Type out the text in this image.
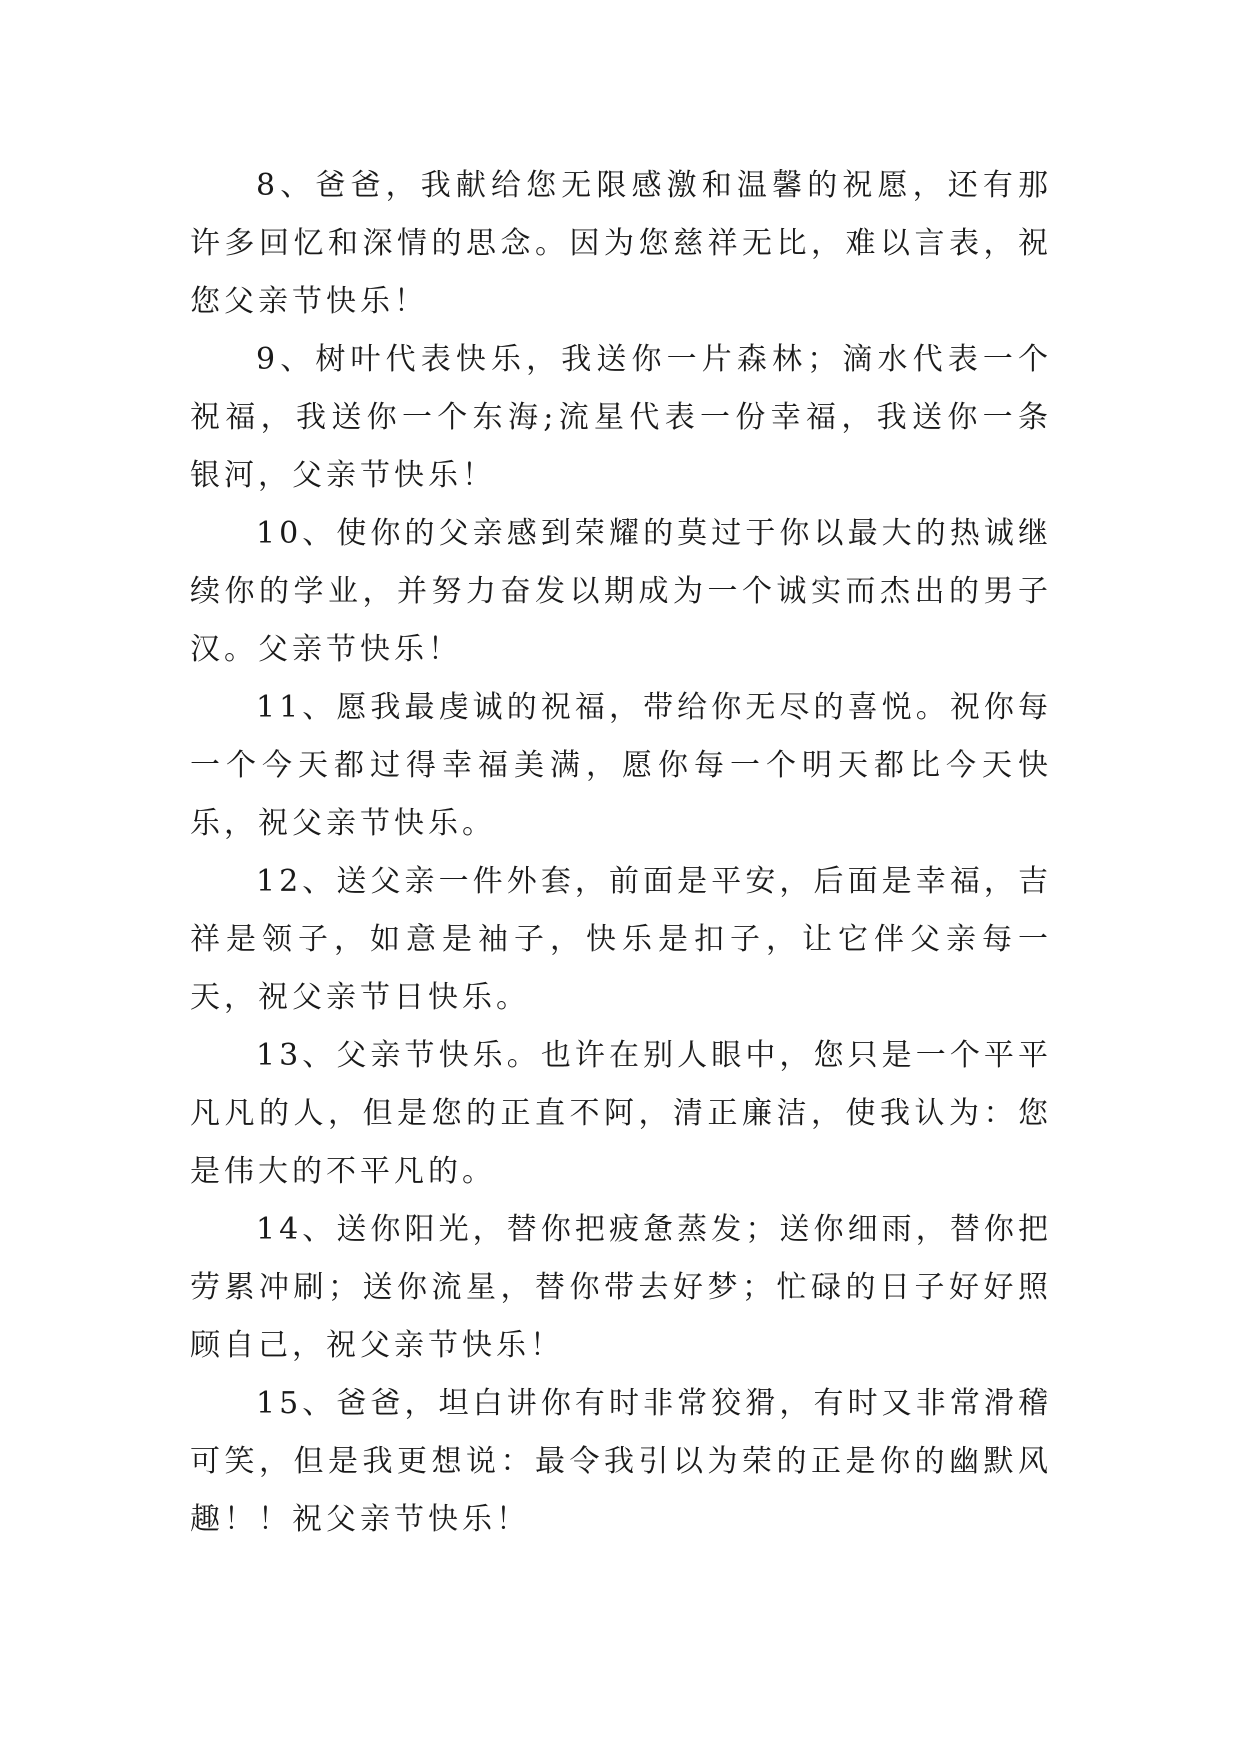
8、爸爸，我献给您无限感激和温馨的祝愿，还有那许多回忆和深情的思念。因为您慈祥无比，难以言表，祝您父亲节快乐！

9、树叶代表快乐，我送你一片森林；滴水代表一个祝福，我送你一个东海;流星代表一份幸福，我送你一条银河，父亲节快乐！

10、使你的父亲感到荣耀的莫过于你以最大的热诚继续你的学业，并努力奋发以期成为一个诚实而杰出的男子汉。父亲节快乐！

11、愿我最虔诚的祝福，带给你无尽的喜悦。祝你每一个今天都过得幸福美满，愿你每一个明天都比今天快乐，祝父亲节快乐。

12、送父亲一件外套，前面是平安，后面是幸福，吉祥是领子，如意是袖子，快乐是扣子，让它伴父亲每一天，祝父亲节日快乐。

13、父亲节快乐。也许在别人眼中，您只是一个平平凡凡的人，但是您的正直不阿，清正廉洁，使我认为：您是伟大的不平凡的。

14、送你阳光，替你把疲惫蒸发；送你细雨，替你把劳累冲刷；送你流星，替你带去好梦；忙碌的日子好好照顾自己，祝父亲节快乐！

15、爸爸，坦白讲你有时非常狡猾，有时又非常滑稽可笑，但是我更想说：最令我引以为荣的正是你的幽默风趣！！祝父亲节快乐！
